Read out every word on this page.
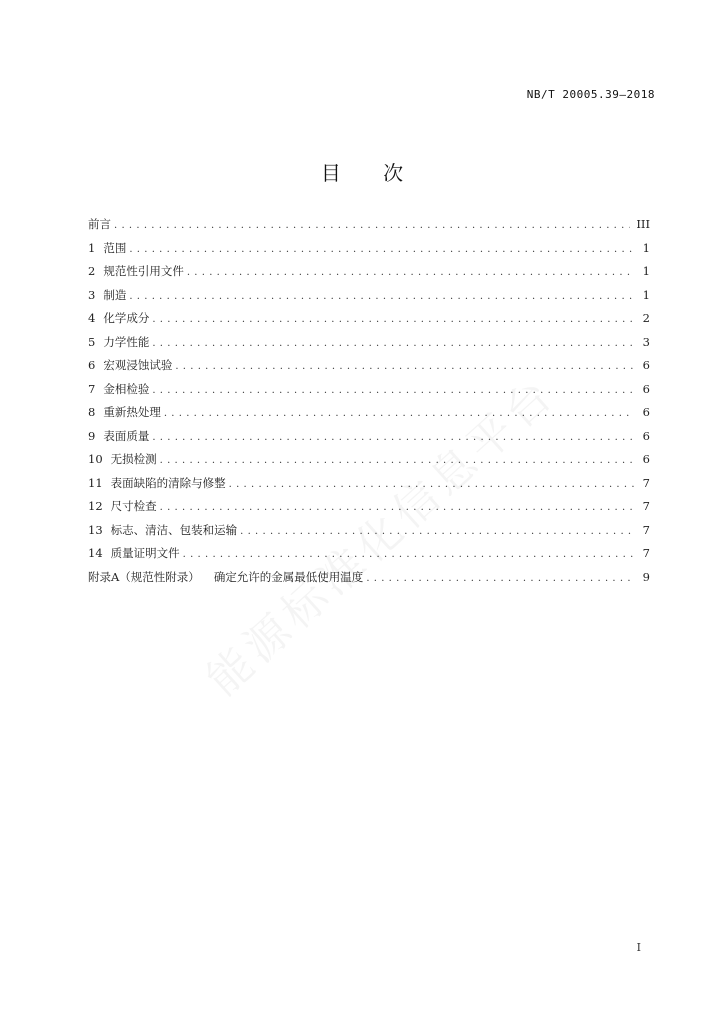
NB/T 20005.39—2018
目 次
前言 . . .	III
1 范围 . . .	1
2 规范性引用文件 . . .	1
3 制造 . . .	1
4 化学成分 . . .	2
5 力学性能 . . .	3
6 宏观浸蚀试验 . . .	6
7 金相检验 . . .	6
8 重新热处理 . . .	6
9 表面质量 . . .	6
10 无损检测 . . .	6
11 表面缺陷的清除与修整 . . .	7
12 尺寸检查 . . .	7
13 标志、清洁、包装和运输 . . .	7
14 质量证明文件 . . .	7
附录A（规范性附录） 确定允许的金属最低使用温度 . . .	9
I
